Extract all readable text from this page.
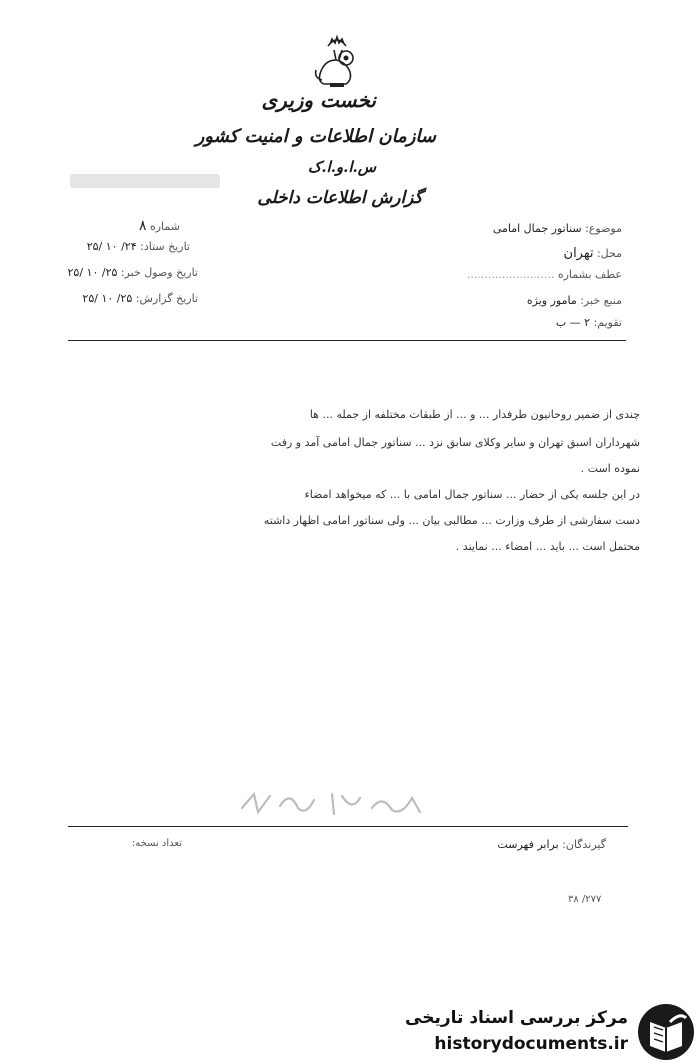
نخست وزیری
سازمان اطلاعات و امنیت کشور
س.ا.و.ا.ک
گزارش اطلاعات داخلی
شماره ۸
تاریخ ستاد: ۲۴/ ۱۰ /۲۵
تاریخ وصول خبر: ۲۵/ ۱۰ /۲۵
تاریخ گزارش: ۲۵/ ۱۰ /۲۵
موضوع: سناتور جمال امامی
محل: تهران
عطف بشماره .........................
منبع خبر: مامور ویژه
تقویم: ۲ — ب
چندی از ضمیر روحانیون طرفدار ... و ... از طبقات مختلفه از جمله ... ها
شهرداران اسبق تهران و سایر وکلای سابق نزد ... سناتور جمال امامی آمد و رفت
نموده است .
در این جلسه یکی از حضار ... سناتور جمال امامی با ... که میخواهد امضاء
دست سفارشی از طرف وزارت ... مطالبی بیان ... ولی سناتور امامی اظهار داشته
محتمل است ... باید ... امضاء ... نمایند .
گیرندگان: برابر فهرست
تعداد نسخه:
۳۸ /۲۷۷
مرکز بررسی اسناد تاریخی
historydocuments.ir
